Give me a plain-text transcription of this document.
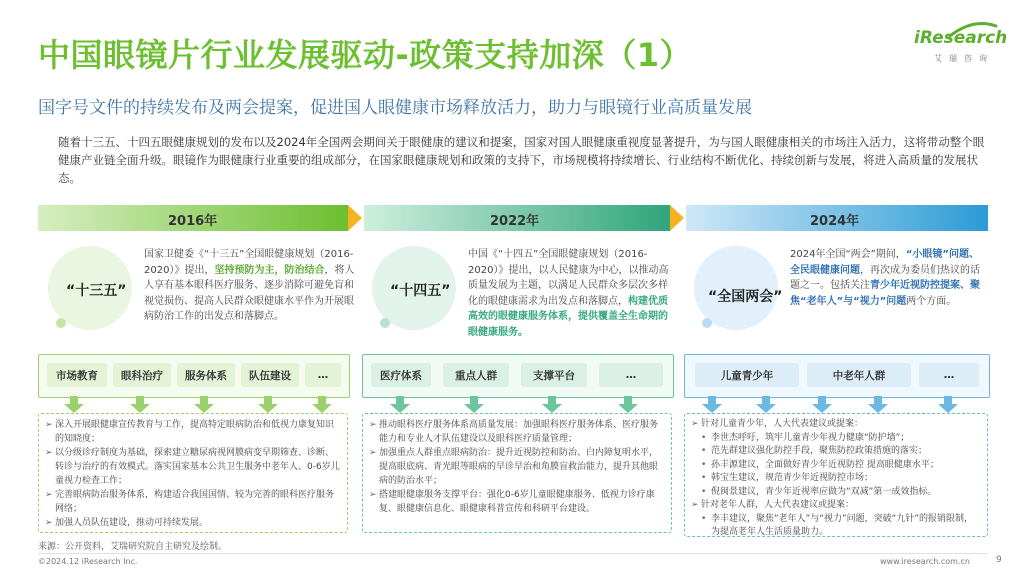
中国眼镜片行业发展驱动-政策支持加深（1）
国字号文件的持续发布及两会提案，促进国人眼健康市场释放活力，助力与眼镜行业高质量发展
iResearch
艾瑞咨询
随着十三五、十四五眼健康规划的发布以及2024年全国两会期间关于眼健康的建议和提案，国家对国人眼健康重视度显著提升，为与国人眼健康相关的市场注入活力，这将带动整个眼健康产业链全面升级。眼镜作为眼健康行业重要的组成部分，在国家眼健康规划和政策的支持下，市场规模将持续增长、行业结构不断优化、持续创新与发展，将进入高质量的发展状态。
2016年	2022年	2024年
“十三五”
国家卫健委《“十三五”全国眼健康规划（2016-2020）》提出，坚持预防为主，防治结合，将人人享有基本眼科医疗服务、逐步消除可避免盲和视觉损伤、提高人民群众眼健康水平作为开展眼病防治工作的出发点和落脚点。
市场教育	眼科治疗	服务体系	队伍建设	…
➢ 深入开展眼健康宣传教育与工作，提高特定眼病防治和低视力康复知识的知晓度；
➢ 以分级诊疗制度为基础，探索建立糖尿病视网膜病变早期筛查、诊断、转诊与治疗的有效模式。落实国家基本公共卫生服务中老年人、0-6岁儿童视力检查工作；
➢ 完善眼病防治服务体系，构建适合我国国情、较为完善的眼科医疗服务网络；
➢ 加强人员队伍建设，推动可持续发展。
“十四五”
中国《“十四五”全国眼健康规划（2016-2020）》提出，以人民健康为中心，以推动高质量发展为主题，以满足人民群众多层次多样化的眼健康需求为出发点和落脚点，构建优质高效的眼健康服务体系，提供覆盖全生命期的眼健康服务。
医疗体系	重点人群	支撑平台	…
➢ 推动眼科医疗服务体系高质量发展：加强眼科医疗服务体系、医疗服务能力和专业人才队伍建设以及眼科医疗质量管理；
➢ 加强重点人群重点眼病防治：提升近视防控和防治、白内障复明水平，提高眼底病、青光眼等眼病的早诊早治和角膜盲救治能力，提升其他眼病的防治水平；
➢ 搭建眼健康服务支撑平台：强化0-6岁儿童眼健康服务、低视力诊疗康复、眼健康信息化、眼健康科普宣传和科研平台建设。
“全国两会”
2024年全国“两会”期间，“小眼镜”问题、全民眼健康问题，再次成为委员们热议的话题之一。包括关注青少年近视防控提案、聚焦“老年人”与“视力”问题两个方面。
儿童青少年	中老年人群	…
➢ 针对儿童青少年，人大代表建议或提案：
• 李世杰呼吁，筑牢儿童青少年视力健康“防护墙”；
• 范先群建议强化防控手段，聚焦防控政策措施的落实；
• 孙丰源建议，全面做好青少年近视防控 提高眼健康水平；
• 韩宝生建议，规范青少年近视防控市场；
• 倪闽景建议，青少年近视率应做为“双减”第一成效指标。
➢ 针对老年人群，人大代表建议或提案：
• 李丰建议，聚焦“老年人”与“视力”问题，突破“九针”的报销限制，为提高老年人生活质量助力。
来源：公开资料，艾瑞研究院自主研究及绘制。
©2024.12 iResearch Inc.	www.iresearch.com.cn	9
